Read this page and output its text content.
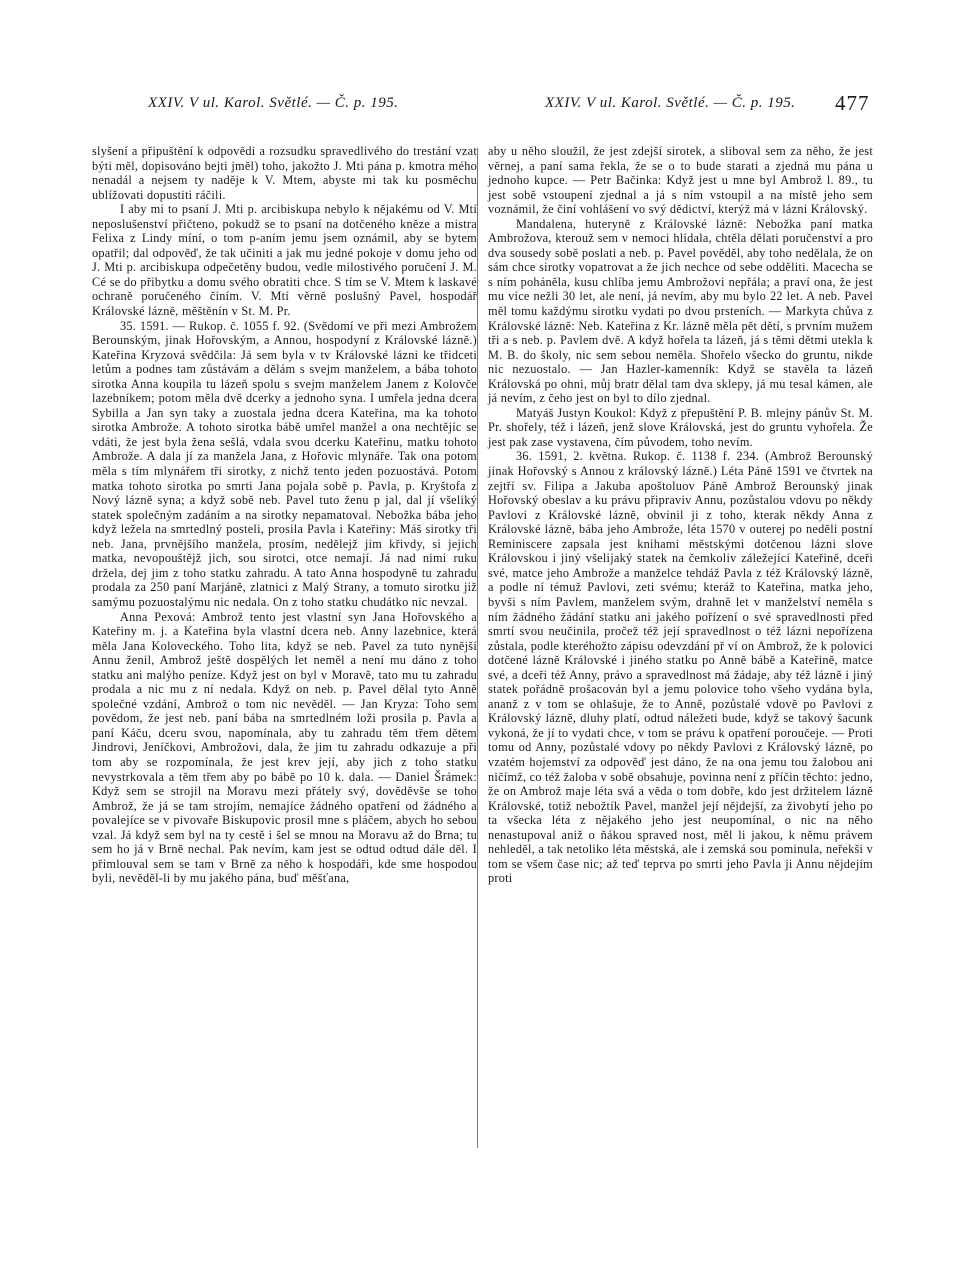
XXIV. V ul. Karol. Světlé. — Č. p. 195.	XXIV. V ul. Karol. Světlé. — Č. p. 195. 477

slyšení a připuštění k odpovědi a rozsudku spravedlivého do trestání vzat býti měl, dopisováno bejti jměl) toho, jakožto J. Mti pána p. kmotra mého nenadál a nejsem ty naděje k V. Mtem, abyste mi tak ku posměchu ublížovati dopustiti ráčili.

I aby mi to psaní J. Mti p. arcibiskupa nebylo k nějakému od V. Mtí neposlušenství přičteno, pokudž se to psaní na dotčeného kněze a mistra Felixa z Lindy míní, o tom p-aním jemu jsem oznámil, aby se bytem opatřil; dal odpověď, že tak učiniti a jak mu jedné pokoje v domu jeho od J. Mti p. arcibiskupa odpečetěny budou, vedle milostivého poručení J. M. Cé se do přibytku a domu svého obratiti chce. S tím se V. Mtem k laskavé ochraně poručeného činím. V. Mtí věrně poslušný Pavel, hospodář Královské lázně, měštěnín v St. M. Pr.

35. 1591. — Rukop. č. 1055 f. 92. (Svědomí ve při mezi Ambrožem Berounským, jinak Hořovským, a Annou, hospodyní z Královské lázně.) Kateřina Kryzová svědčila: Já sem byla v tv Královské lázni ke třidceti letům a podnes tam zůstávám a dělám s svejm manželem, a bába tohoto sirotka Anna koupila tu lázeň spolu s svejm manželem Janem z Kolovče lazebníkem; potom měla dvě dcerky a jednoho syna. I umřela jedna dcera Sybilla a Jan syn taky a zuostala jedna dcera Kateřina, ma ka tohoto sirotka Ambrože. A tohoto sirotka bábě umřel manžel a ona nechtějíc se vdáti, že jest byla žena sešlá, vdala svou dcerku Kateřinu, matku tohoto Ambrože. A dala jí za manžela Jana, z Hořovic mlynáře. Tak ona potom měla s tím mlynářem tři sirotky, z nichž tento jeden pozuostává. Potom matka tohoto sirotka po smrti Jana pojala sobě p. Pavla, p. Kryštofa z Nový lázně syna; a když sobě neb. Pavel tuto ženu p jal, dal jí všeliký statek společným zadáním a na sirotky nepamatoval. Nebožka bába jeho když ležela na smrtedlný posteli, prosila Pavla i Kateřiny: Máš sirotky tři neb. Jana, prvnějšího manžela, prosím, nedělejž jim křivdy, si jejich matka, nevopouštějž jich, sou sirotci, otce nemají. Já nad nimi ruku držela, dej jim z toho statku zahradu. A tato Anna hospodyně tu zahradu prodala za 250 paní Marjáně, zlatnici z Malý Strany, a tomuto sirotku již samýmu pozuostalýmu nic nedala. On z toho statku chudátko nic nevzal.

Anna Pexová: Ambrož tento jest vlastní syn Jana Hořovského a Kateřiny m. j. a Kateřina byla vlastní dcera neb. Anny lazebnice, která měla Jana Koloveckého. Toho lita, když se neb. Pavel za tuto nynější Annu ženil, Ambrož ještě dospělých let neměl a není mu dáno z toho statku ani malýho peníze. Když jest on byl v Moravě, tato mu tu zahradu prodala a nic mu z ní nedala. Když on neb. p. Pavel dělal tyto Anně společné vzdání, Ambrož o tom nic nevěděl. — Jan Kryza: Toho sem povědom, že jest neb. paní bába na smrtedlném loži prosila p. Pavla a paní Káču, dceru svou, napomínala, aby tu zahradu těm třem dětem Jindrovi, Jeníčkovi, Ambrožovi, dala, že jim tu zahradu odkazuje a při tom aby se rozpomínala, že jest krev její, aby jich z toho statku nevystrkovala a těm třem aby po bábě po 10 k. dala. — Daniel Šrámek: Když sem se strojil na Moravu mezi přátely svý, dověděvše se toho Ambrož, že já se tam strojím, nemajíce žádného opatření od žádného a povalejíce se v pivovaře Biskupovic prosil mne s pláčem, abych ho sebou vzal. Já když sem byl na ty cestě i šel se mnou na Moravu až do Brna; tu sem ho já v Brně nechal. Pak nevím, kam jest se odtud odtud dále děl. I přimlouval sem se tam v Brně za něho k hospodáři, kde sme hospodou byli, nevěděl-li by mu jakého pána, buď měšťana,

aby u něho sloužil, že jest zdejší sirotek, a sliboval sem za něho, že jest věrnej, a paní sama řekla, že se o to bude starati a zjedná mu pána u jednoho kupce. — Petr Bačinka: Když jest u mne byl Ambrož l. 89., tu jest sobě vstoupení zjednal a já s ním vstoupil a na místě jeho sem voznámil, že činí vohlášení vo svý dědictví, kterýž má v lázni Královský.

Mandalena, huteryně z Královské lázně: Nebožka paní matka Ambrožova, kterouž sem v nemoci hlídala, chtěla dělati poručenství a pro dva sousedy sobě poslati a neb. p. Pavel pověděl, aby toho nedělala, že on sám chce sirotky vopatrovat a že jich nechce od sebe odděliti. Macecha se s ním poháněla, kusu chlíba jemu Ambrožovi nepřála; a praví ona, že jest mu více nežli 30 let, ale není, já nevím, aby mu bylo 22 let. A neb. Pavel měl tomu každýmu sirotku vydati po dvou prsteních. — Markyta chůva z Královské lázně: Neb. Kateřina z Kr. lázně měla pět dětí, s prvním mužem tři a s neb. p. Pavlem dvě. A když hořela ta lázeň, já s těmi dětmi utekla k M. B. do školy, nic sem sebou neměla. Shořelo všecko do gruntu, nikde nic nezuostalo. — Jan Hazler-kamenník: Když se stavěla ta lázeň Královská po ohni, můj bratr dělal tam dva sklepy, já mu tesal kámen, ale já nevím, z čeho jest on byl to dílo zjednal.

Matyáš Justyn Koukol: Když z přepuštění P. B. mlejny pánův St. M. Pr. shořely, též i lázeň, jenž slove Královská, jest do gruntu vyhořela. Že jest pak zase vystavena, čím původem, toho nevím.

36. 1591, 2. května. Rukop. č. 1138 f. 234. (Ambrož Berounský jinak Hořovský s Annou z královský lázně.) Léta Páně 1591 ve čtvrtek na zejtří sv. Filipa a Jakuba apoštoluov Páně Ambrož Berounský jinak Hořovský obeslav a ku právu připraviv Annu, pozůstalou vdovu po někdy Pavlovi z Královské lázně, obvinil ji z toho, kterak někdy Anna z Královské lázně, bába jeho Ambrože, léta 1570 v outerej po neděli postní Reminiscere zapsala jest knihami městskými dotčenou lázni slove Královskou i jiný všelijaký statek na čemkoliv záležející Kateřině, dceři své, matce jeho Ambrože a manželce tehdáž Pavla z též Královský lázně, a podle ní témuž Pavlovi, zeti svému; kteráž to Kateřina, matka jeho, byvši s ním Pavlem, manželem svým, drahně let v manželství neměla s ním žádného žádání statku ani jakého pořízení o své spravedlnosti před smrtí svou neučinila, pročež též její spravedlnost o též lázni nepořízena zůstala, podle kteréhožto zápisu odevzdání př ví on Ambrož, že k polovici dotčené lázně Královské i jiného statku po Anně bábě a Kateřině, matce své, a dceři též Anny, právo a spravedlnost má žádaje, aby též lázně i jiný statek pořádně prošacován byl a jemu polovice toho všeho vydána byla, ananž z v tom se ohlašuje, že to Anně, pozůstalé vdově po Pavlovi z Královský lázně, dluhy platí, odtud náležeti bude, když se takový šacunk vykoná, že jí to vydati chce, v tom se právu k opatření poroučeje. — Proti tomu od Anny, pozůstalé vdovy po někdy Pavlovi z Královský lázně, po vzatém hojemství za odpověď jest dáno, že na ona jemu tou žalobou ani ničímž, co též žaloba v sobě obsahuje, povinna není z příčin těchto: jedno, že on Ambrož maje léta svá a věda o tom dobře, kdo jest držitelem lázně Královské, totiž nebožtík Pavel, manžel její nějdejší, za živobytí jeho po ta všecka léta z nějakého jeho jest neupomínal, o nic na něho nenastupoval aniž o ňákou spraved nost, měl li jakou, k němu právem nehleděl, a tak netoliko léta městská, ale i zemská sou pominula, neřekši v tom se všem čase nic; až teď teprva po smrti jeho Pavla ji Annu nějdejím proti
